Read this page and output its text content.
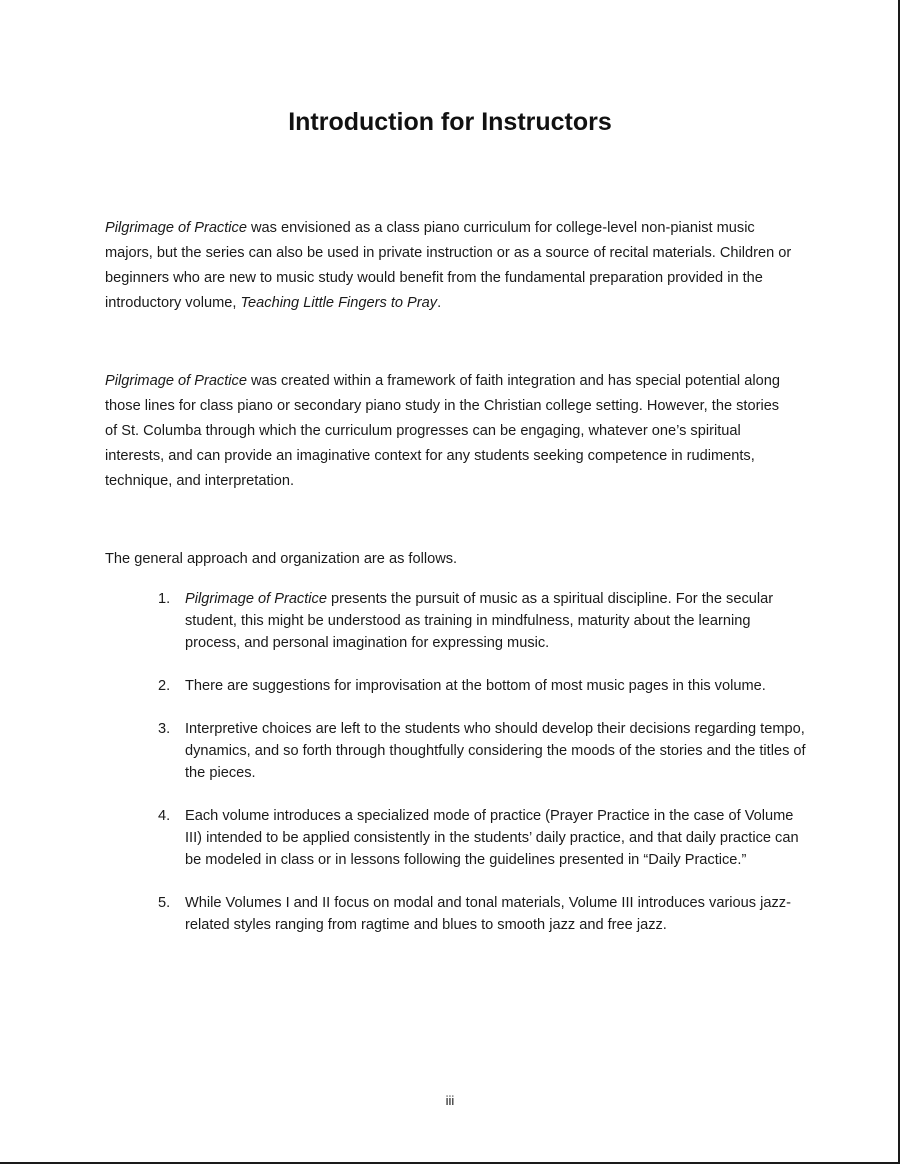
Introduction for Instructors

Pilgrimage of Practice was envisioned as a class piano curriculum for college-level non-pianist music majors, but the series can also be used in private instruction or as a source of recital materials. Children or beginners who are new to music study would benefit from the fundamental preparation provided in the introductory volume, Teaching Little Fingers to Pray.

Pilgrimage of Practice was created within a framework of faith integration and has special potential along those lines for class piano or secondary piano study in the Christian college setting. However, the stories of St. Columba through which the curriculum progresses can be engaging, whatever one’s spiritual interests, and can provide an imaginative context for any students seeking competence in rudiments, technique, and interpretation.

The general approach and organization are as follows.

1. Pilgrimage of Practice presents the pursuit of music as a spiritual discipline. For the secular student, this might be understood as training in mindfulness, maturity about the learning process, and personal imagination for expressing music.
2. There are suggestions for improvisation at the bottom of most music pages in this volume.
3. Interpretive choices are left to the students who should develop their decisions regarding tempo, dynamics, and so forth through thoughtfully considering the moods of the stories and the titles of the pieces.
4. Each volume introduces a specialized mode of practice (Prayer Practice in the case of Volume III) intended to be applied consistently in the students’ daily practice, and that daily practice can be modeled in class or in lessons following the guidelines presented in “Daily Practice.”
5. While Volumes I and II focus on modal and tonal materials, Volume III introduces various jazz-related styles ranging from ragtime and blues to smooth jazz and free jazz.
iii
